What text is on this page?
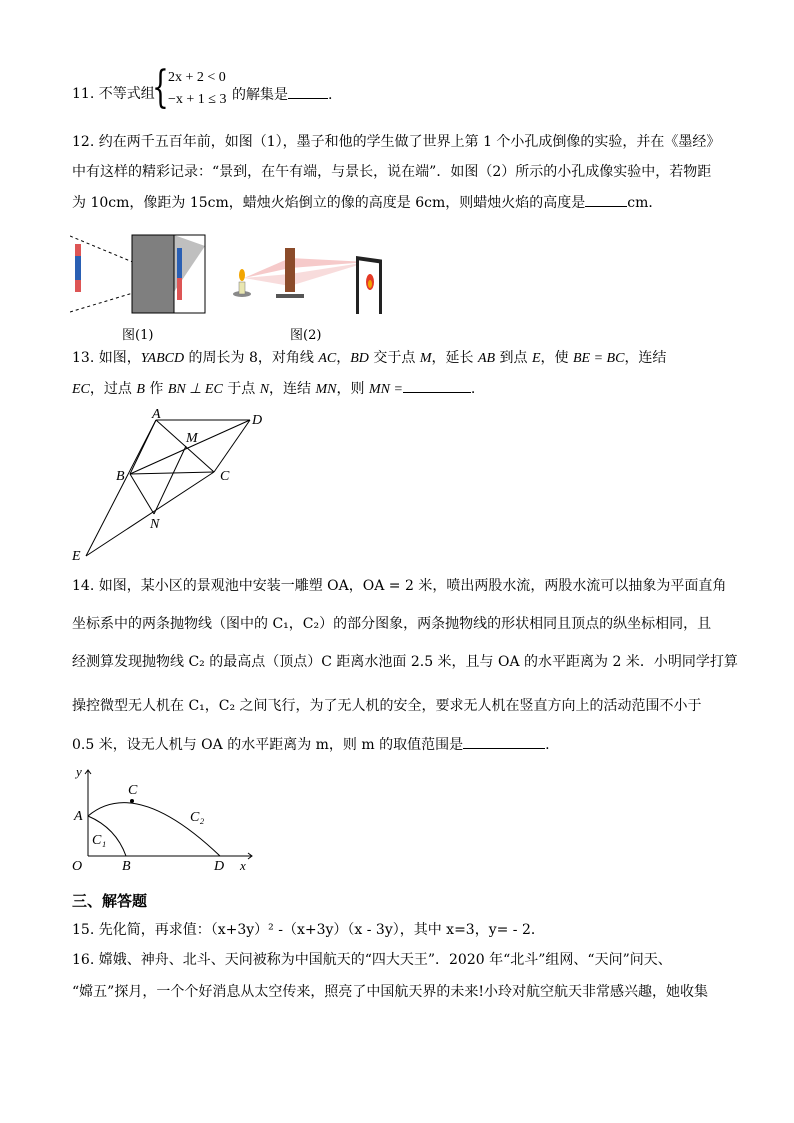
11. 不等式组
{ 2x + 2 < 0
−x + 1 ≤ 3 的解集是	.
12. 约在两千五百年前，如图（1），墨子和他的学生做了世界上第 1 个小孔成倒像的实验，并在《墨经》
中有这样的精彩记录：“景到，在午有端，与景长，说在端”．如图（2）所示的小孔成像实验中，若物距
为 10cm，像距为 15cm，蜡烛火焰倒立的像的高度是 6cm，则蜡烛火焰的高度是	cm．
图(1)	图(2)
13. 如图，YABCD 的周长为 8，对角线 AC，BD 交于点 M，延长 AB 到点 E，使 BE = BC，连结
EC，过点 B 作 BN ⊥ EC 于点 N，连结 MN，则 MN =	.
A	D
M
B	C
N
E
14. 如图，某小区的景观池中安装一雕塑 OA，OA = 2 米，喷出两股水流，两股水流可以抽象为平面直角
坐标系中的两条抛物线（图中的 C₁，C₂）的部分图象，两条抛物线的形状相同且顶点的纵坐标相同，且
经测算发现抛物线 C₂ 的最高点（顶点）C 距离水池面 2.5 米，且与 OA 的水平距离为 2 米．小明同学打算
操控微型无人机在 C₁，C₂ 之间飞行，为了无人机的安全，要求无人机在竖直方向上的活动范围不小于
0.5 米，设无人机与 OA 的水平距离为 m，则 m 的取值范围是	.
y
C
A	C₂
C₁
O	B	D x
三、解答题
15. 先化简，再求值：（x+3y）² -（x+3y）（x - 3y），其中 x=3，y= - 2．
16. 嫦娥、神舟、北斗、天问被称为中国航天的“四大天王”．2020 年“北斗”组网、“天问”问天、
“嫦五”探月，一个个好消息从太空传来，照亮了中国航天界的未来!小玲对航空航天非常感兴趣，她收集
